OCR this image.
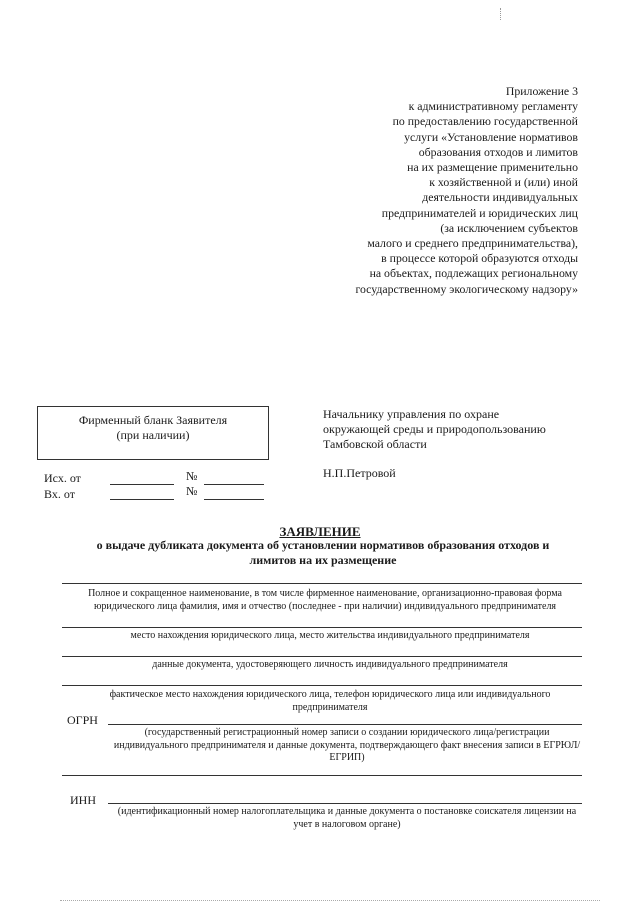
Приложение 3
к административному регламенту
по предоставлению государственной
услуги «Установление нормативов
образования отходов и лимитов
на их размещение применительно
к хозяйственной и (или) иной
деятельности индивидуальных
предпринимателей и юридических лиц
(за исключением субъектов
малого и среднего предпринимательства),
в процессе которой образуются отходы
на объектах, подлежащих региональному
государственному экологическому надзору»
Фирменный бланк Заявителя
(при наличии)
Исх. от	№
Вх. от	№
Начальнику управления по охране
окружающей среды и природопользованию
Тамбовской области
Н.П.Петровой
ЗАЯВЛЕНИЕ
о выдаче дубликата документа об установлении нормативов образования отходов и лимитов на их размещение
Полное и сокращенное наименование, в том числе фирменное наименование, организационно-правовая форма юридического лица фамилия, имя и отчество (последнее - при наличии) индивидуального предпринимателя
место нахождения юридического лица, место жительства индивидуального предпринимателя
данные документа, удостоверяющего личность индивидуального предпринимателя
фактическое место нахождения юридического лица, телефон юридического лица или индивидуального предпринимателя
ОГРН
(государственный регистрационный номер записи о создании юридического лица/регистрации индивидуального предпринимателя и данные документа, подтверждающего факт внесения записи в ЕГРЮЛ/ЕГРИП)
ИНН
(идентификационный номер налогоплательщика и данные документа о постановке соискателя лицензии на учет в налоговом органе)
